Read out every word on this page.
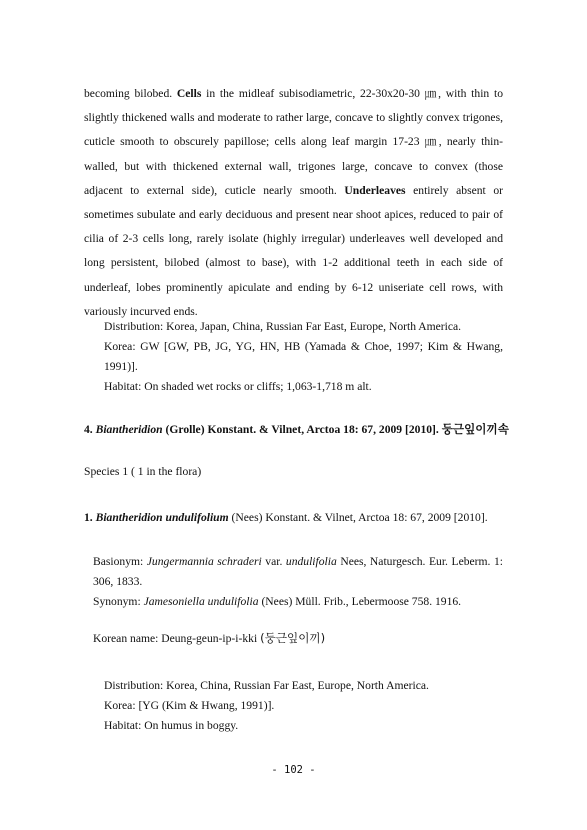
becoming bilobed. Cells in the midleaf subisodiametric, 22-30x20-30 ㎛, with thin to slightly thickened walls and moderate to rather large, concave to slightly convex trigones, cuticle smooth to obscurely papillose; cells along leaf margin 17-23 ㎛, nearly thin-walled, but with thickened external wall, trigones large, concave to convex (those adjacent to external side), cuticle nearly smooth. Underleaves entirely absent or sometimes subulate and early deciduous and present near shoot apices, reduced to pair of cilia of 2-3 cells long, rarely isolate (highly irregular) underleaves well developed and long persistent, bilobed (almost to base), with 1-2 additional teeth in each side of underleaf, lobes prominently apiculate and ending by 6-12 uniseriate cell rows, with variously incurved ends.

Distribution: Korea, Japan, China, Russian Far East, Europe, North America.
Korea: GW [GW, PB, JG, YG, HN, HB (Yamada & Choe, 1997; Kim & Hwang, 1991)].
Habitat: On shaded wet rocks or cliffs; 1,063-1,718 m alt.
4. Biantheridion (Grolle) Konstant. & Vilnet, Arctoa 18: 67, 2009 [2010]. 둥근잎이끼속
Species 1 ( 1 in the flora)
1. Biantheridion undulifolium (Nees) Konstant. & Vilnet, Arctoa 18: 67, 2009 [2010].
Basionym: Jungermannia schraderi var. undulifolia Nees, Naturgesch. Eur. Leberm. 1: 306, 1833.
Synonym: Jamesoniella undulifolia (Nees) Müll. Frib., Lebermoose 758. 1916.
Korean name: Deung-geun-ip-i-kki (둥근잎이끼)
Distribution: Korea, China, Russian Far East, Europe, North America.
Korea: [YG (Kim & Hwang, 1991)].
Habitat: On humus in boggy.
- 102 -
